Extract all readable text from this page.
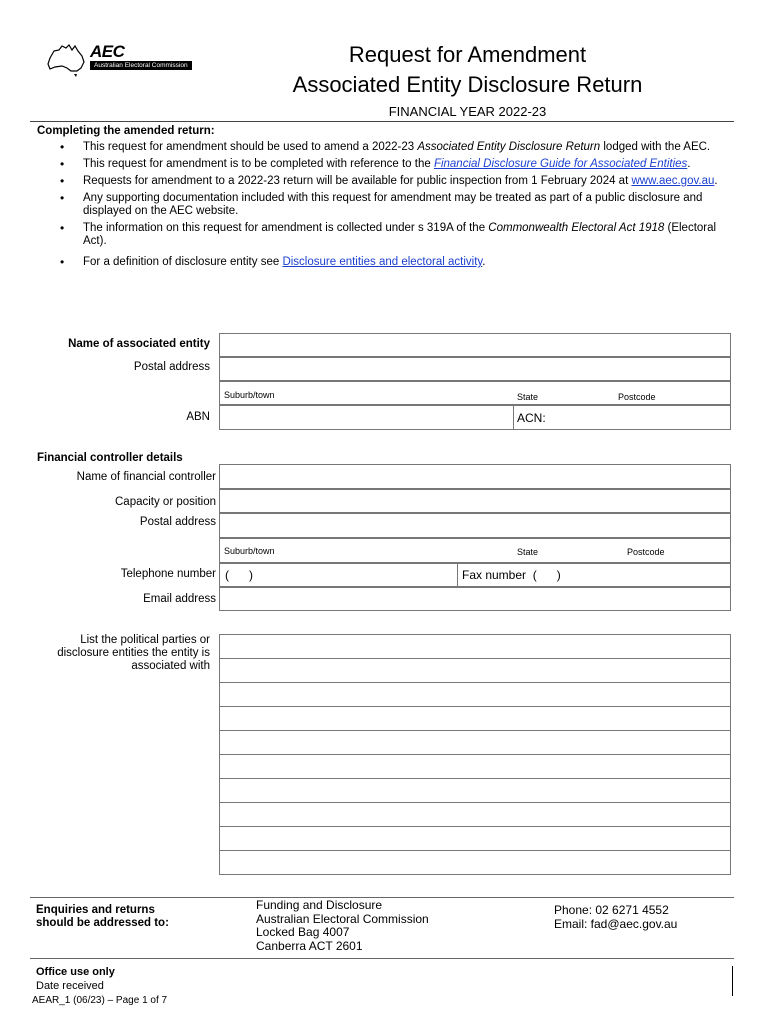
AEC
Australian Electoral Commission	Request for Amendment
Associated Entity Disclosure Return
FINANCIAL YEAR 2022-23
Completing the amended return:
• This request for amendment should be used to amend a 2022-23 Associated Entity Disclosure Return lodged with the AEC.
• This request for amendment is to be completed with reference to the Financial Disclosure Guide for Associated Entities.
• Requests for amendment to a 2022-23 return will be available for public inspection from 1 February 2024 at www.aec.gov.au.
• Any supporting documentation included with this request for amendment may be treated as part of a public disclosure and displayed on the AEC website.
• The information on this request for amendment is collected under s 319A of the Commonwealth Electoral Act 1918 (Electoral Act).
• For a definition of disclosure entity see Disclosure entities and electoral activity.
Name of associated entity
Postal address
Suburb/town	State	Postcode
ABN	ACN:
Financial controller details
Name of financial controller
Capacity or position
Postal address
Suburb/town	State	Postcode
Telephone number (      )	Fax number  (      )
Email address
List the political parties or
disclosure entities the entity is
associated with
Enquiries and returns
should be addressed to:
Funding and Disclosure
Australian Electoral Commission
Locked Bag 4007
Canberra ACT 2601
Phone: 02 6271 4552
Email: fad@aec.gov.au
Office use only
Date received
AEAR_1 (06/23) – Page 1 of 7
